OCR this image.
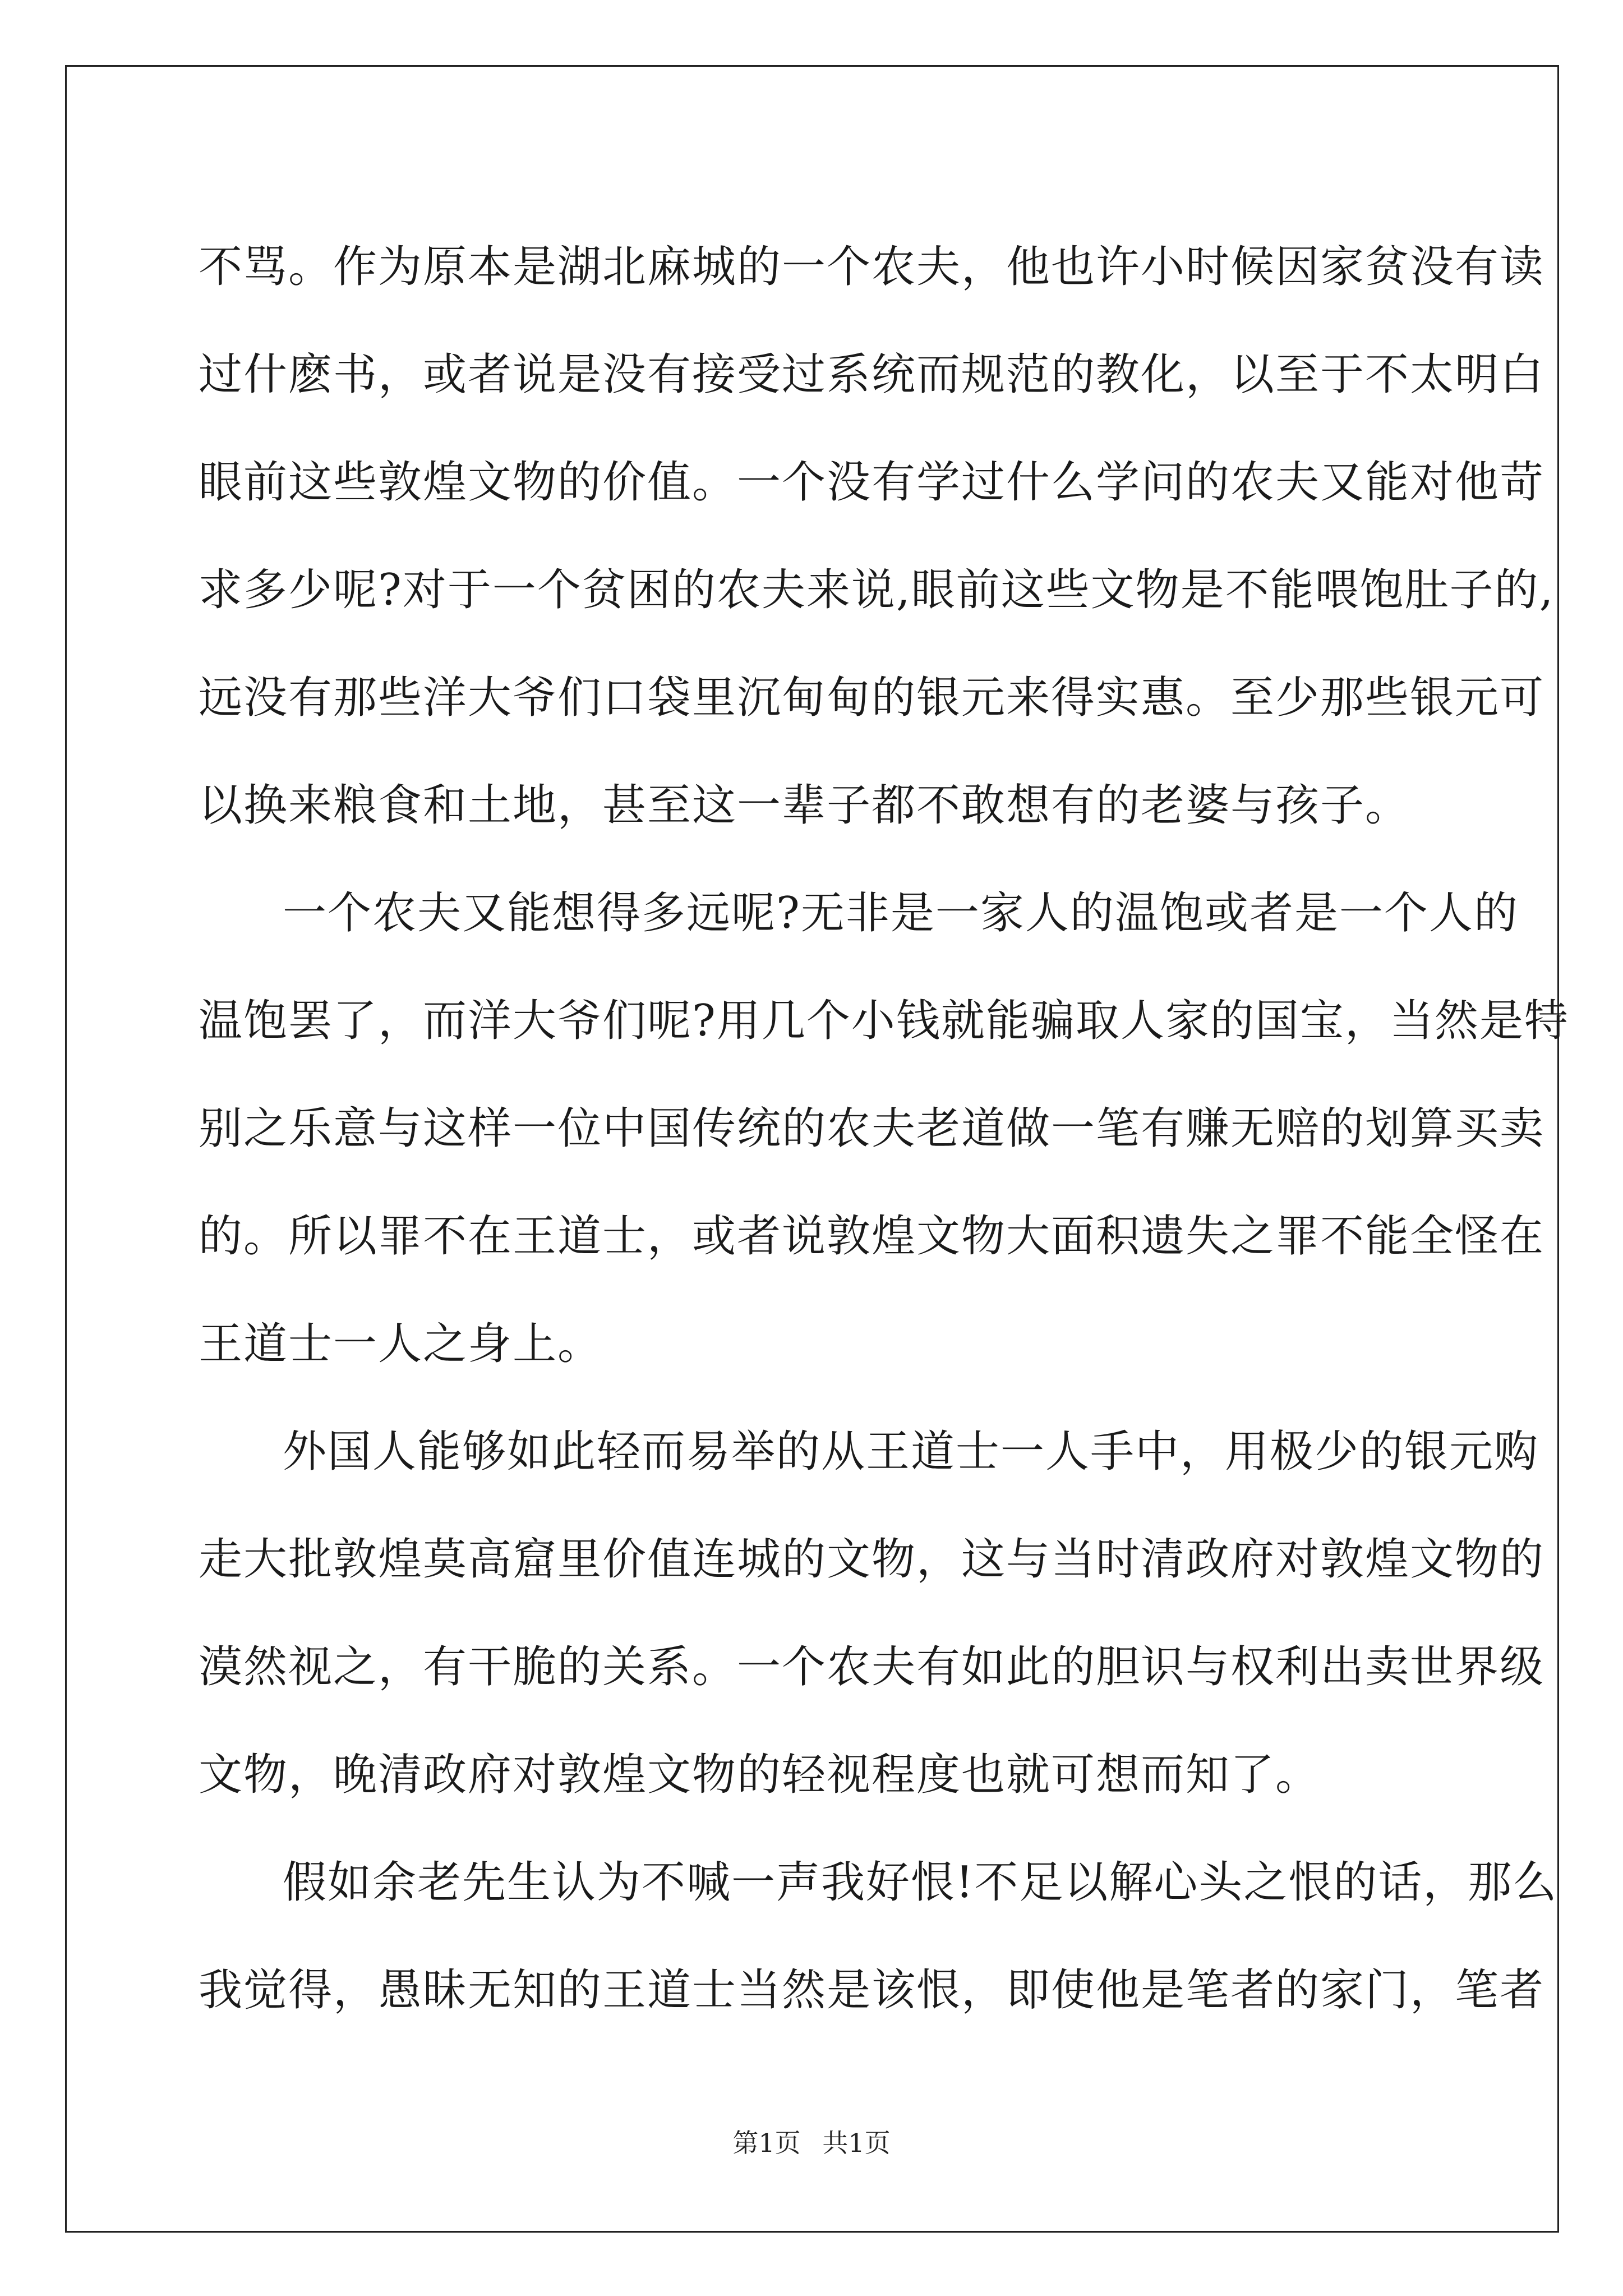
不骂。作为原本是湖北麻城的一个农夫，他也许小时候因家贫没有读
过什麽书，或者说是没有接受过系统而规范的教化，以至于不太明白
眼前这些敦煌文物的价值。一个没有学过什么学问的农夫又能对他苛
求多少呢?对于一个贫困的农夫来说,眼前这些文物是不能喂饱肚子的,
远没有那些洋大爷们口袋里沉甸甸的银元来得实惠。至少那些银元可
以换来粮食和土地，甚至这一辈子都不敢想有的老婆与孩子。
一个农夫又能想得多远呢?无非是一家人的温饱或者是一个人的
温饱罢了，而洋大爷们呢?用几个小钱就能骗取人家的国宝，当然是特
别之乐意与这样一位中国传统的农夫老道做一笔有赚无赔的划算买卖
的。所以罪不在王道士，或者说敦煌文物大面积遗失之罪不能全怪在
王道士一人之身上。
外国人能够如此轻而易举的从王道士一人手中，用极少的银元购
走大批敦煌莫高窟里价值连城的文物，这与当时清政府对敦煌文物的
漠然视之，有干脆的关系。一个农夫有如此的胆识与权利出卖世界级
文物，晚清政府对敦煌文物的轻视程度也就可想而知了。
假如余老先生认为不喊一声我好恨!不足以解心头之恨的话，那么
我觉得，愚昧无知的王道士当然是该恨，即使他是笔者的家门，笔者
第1页 共1页
